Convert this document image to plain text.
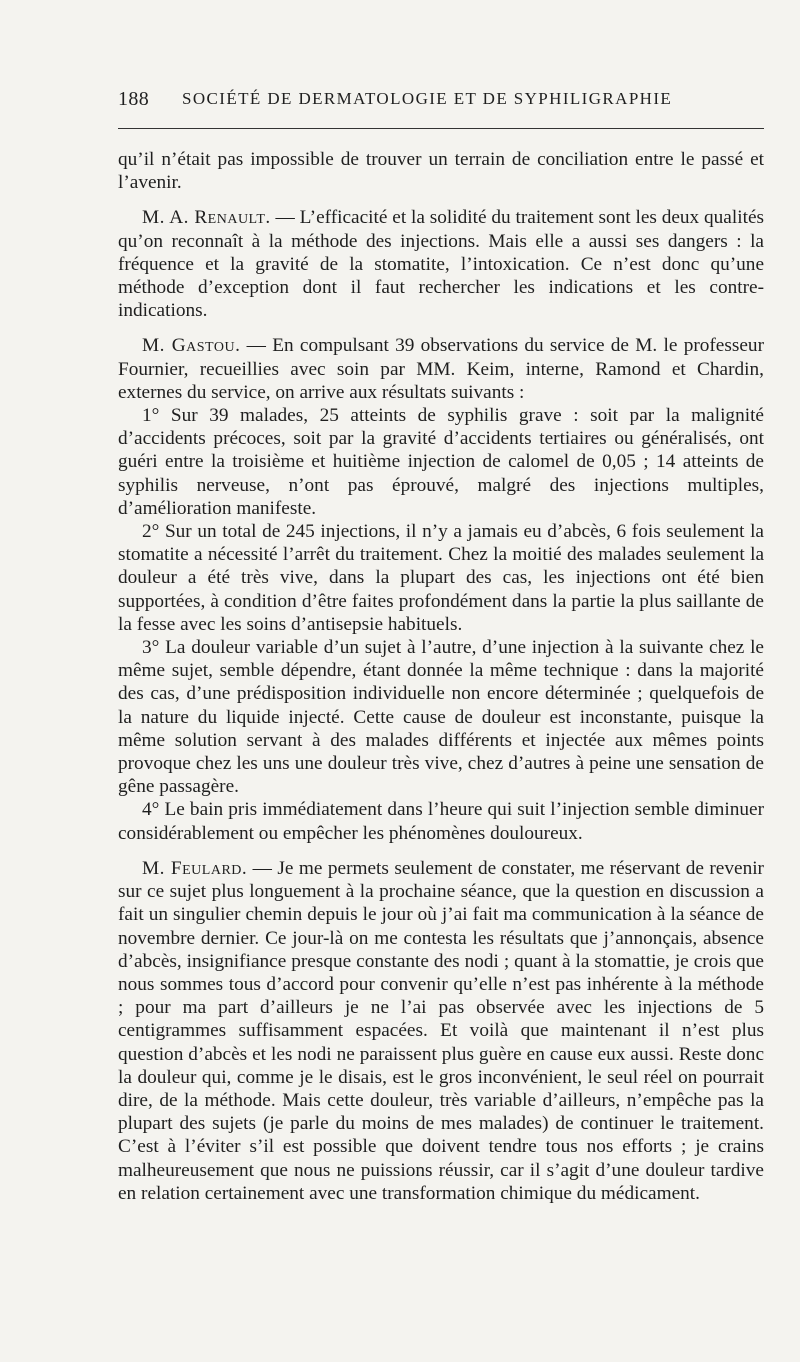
188 SOCIÉTÉ DE DERMATOLOGIE ET DE SYPHILIGRAPHIE

qu’il n’était pas impossible de trouver un terrain de conciliation entre le passé et l’avenir.

M. A. Renault. — L’efficacité et la solidité du traitement sont les deux qualités qu’on reconnaît à la méthode des injections. Mais elle a aussi ses dangers : la fréquence et la gravité de la stomatite, l’intoxication. Ce n’est donc qu’une méthode d’exception dont il faut rechercher les indications et les contre-indications.

M. Gastou. — En compulsant 39 observations du service de M. le professeur Fournier, recueillies avec soin par MM. Keim, interne, Ramond et Chardin, externes du service, on arrive aux résultats suivants :

1° Sur 39 malades, 25 atteints de syphilis grave : soit par la malignité d’accidents précoces, soit par la gravité d’accidents tertiaires ou généralisés, ont guéri entre la troisième et huitième injection de calomel de 0,05 ; 14 atteints de syphilis nerveuse, n’ont pas éprouvé, malgré des injections multiples, d’amélioration manifeste.

2° Sur un total de 245 injections, il n’y a jamais eu d’abcès, 6 fois seulement la stomatite a nécessité l’arrêt du traitement. Chez la moitié des malades seulement la douleur a été très vive, dans la plupart des cas, les injections ont été bien supportées, à condition d’être faites profondément dans la partie la plus saillante de la fesse avec les soins d’antisepsie habituels.

3° La douleur variable d’un sujet à l’autre, d’une injection à la suivante chez le même sujet, semble dépendre, étant donnée la même technique : dans la majorité des cas, d’une prédisposition individuelle non encore déterminée ; quelquefois de la nature du liquide injecté. Cette cause de douleur est inconstante, puisque la même solution servant à des malades différents et injectée aux mêmes points provoque chez les uns une douleur très vive, chez d’autres à peine une sensation de gêne passagère.

4° Le bain pris immédiatement dans l’heure qui suit l’injection semble diminuer considérablement ou empêcher les phénomènes douloureux.

M. Feulard. — Je me permets seulement de constater, me réservant de revenir sur ce sujet plus longuement à la prochaine séance, que la question en discussion a fait un singulier chemin depuis le jour où j’ai fait ma communication à la séance de novembre dernier. Ce jour-là on me contesta les résultats que j’annonçais, absence d’abcès, insignifiance presque constante des nodi ; quant à la stomattie, je crois que nous sommes tous d’accord pour convenir qu’elle n’est pas inhérente à la méthode ; pour ma part d’ailleurs je ne l’ai pas observée avec les injections de 5 centigrammes suffisamment espacées. Et voilà que maintenant il n’est plus question d’abcès et les nodi ne paraissent plus guère en cause eux aussi. Reste donc la douleur qui, comme je le disais, est le gros inconvénient, le seul réel on pourrait dire, de la méthode. Mais cette douleur, très variable d’ailleurs, n’empêche pas la plupart des sujets (je parle du moins de mes malades) de continuer le traitement. C’est à l’éviter s’il est possible que doivent tendre tous nos efforts ; je crains malheureusement que nous ne puissions réussir, car il s’agit d’une douleur tardive en relation certainement avec une transformation chimique du médicament.
